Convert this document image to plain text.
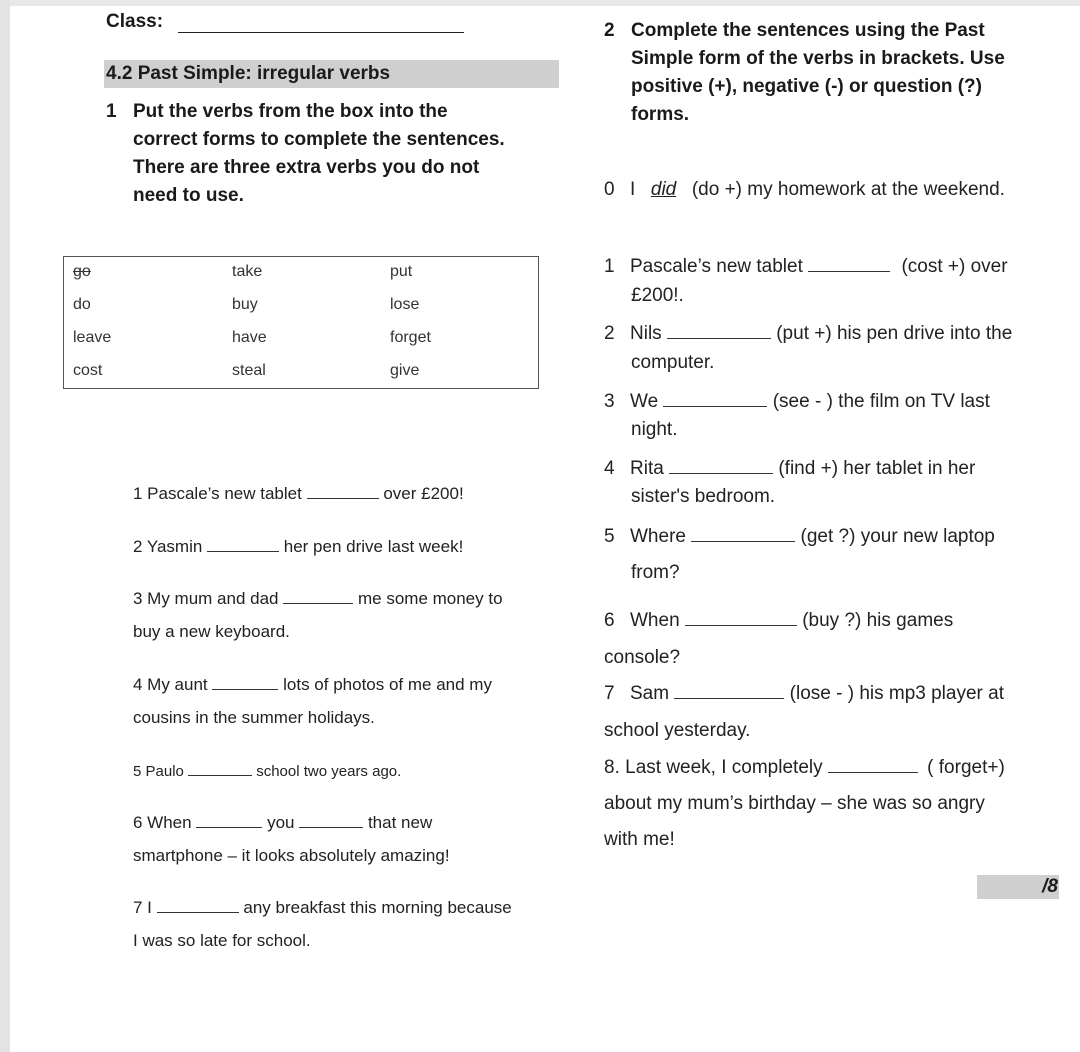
Class:
4.2 Past Simple: irregular verbs
1 Put the verbs from the box into the
correct forms to complete the sentences.
There are three extra verbs you do not
need to use.
go	take	put
do	buy	lose
leave	have	forget
cost	steal	give
1 Pascale’s new tablet	over £200!
2 Yasmin	her pen drive last week!
3 My mum and dad	me some money to
buy a new keyboard.
4 My aunt	lots of photos of me and my
cousins in the summer holidays.
5 Paulo	school two years ago.
6 When	you	that new
smartphone – it looks absolutely amazing!
7 I	any breakfast this morning because
I was so late for school.
2 Complete the sentences using the Past
Simple form of the verbs in brackets. Use
positive (+), negative (-) or question (?)
forms.
0 I did (do +) my homework at the weekend.
1 Pascale’s new tablet	(cost +) over
£200!.
2 Nils	(put +) his pen drive into the
computer.
3 We	(see - ) the film on TV last
night.
4 Rita	(find +) her tablet in her
sister's bedroom.
5 Where	(get ?) your new laptop
from?
6 When	(buy ?) his games
console?
7 Sam	(lose - ) his mp3 player at
school yesterday.
8. Last week, I completely	( forget+)
about my mum’s birthday – she was so angry
with me!
/8
